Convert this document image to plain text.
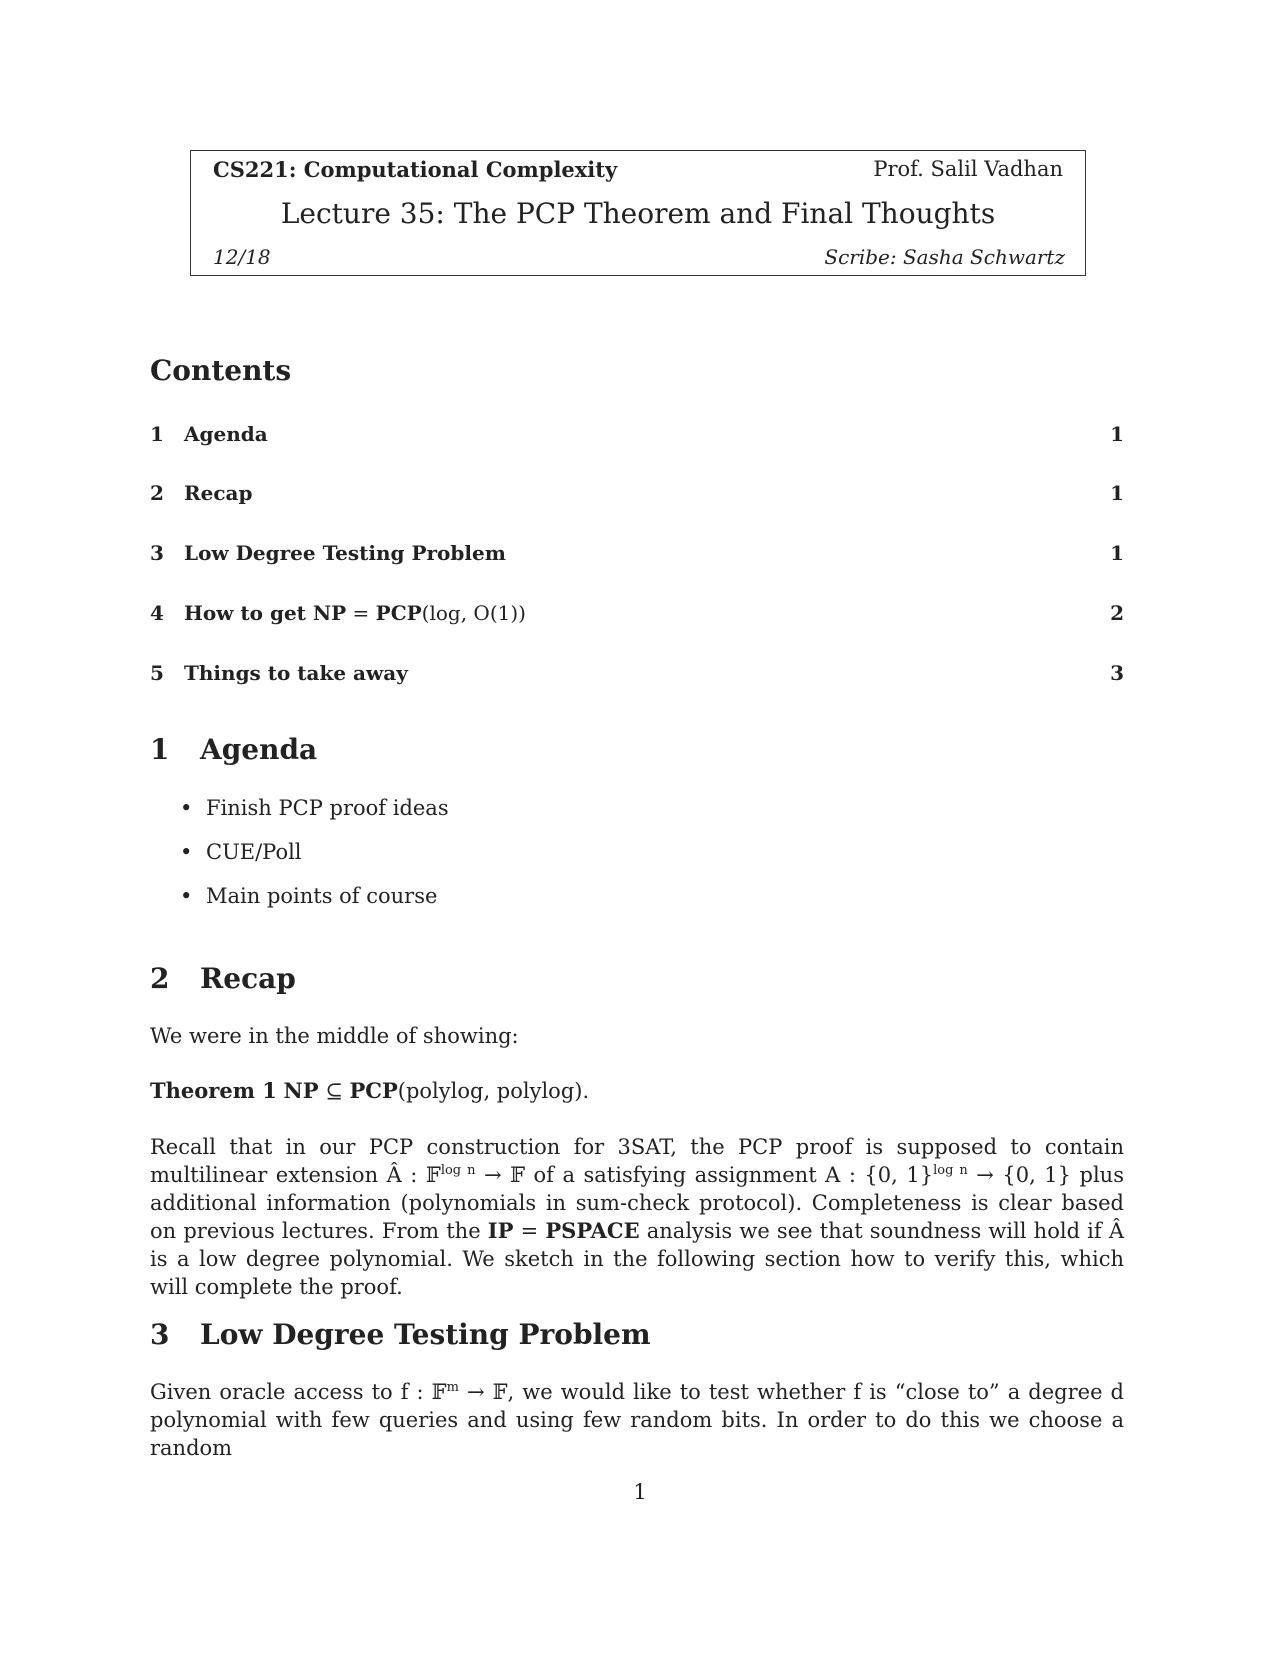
CS221: Computational Complexity	Prof. Salil Vadhan
Lecture 35: The PCP Theorem and Final Thoughts
12/18	Scribe: Sasha Schwartz
Contents
1 Agenda	1
2 Recap	1
3 Low Degree Testing Problem	1
4 How to get NP = PCP(log, O(1))	2
5 Things to take away	3
1 Agenda
• Finish PCP proof ideas
• CUE/Poll
• Main points of course
2 Recap

We were in the middle of showing:

Theorem 1 NP ⊆ PCP(polylog, polylog).

Recall that in our PCP construction for 3SAT, the PCP proof is supposed to contain multilinear extension Â : 𝔽$^{log n}$ → 𝔽 of a satisfying assignment A : {0, 1}$^{log n}$ → {0, 1} plus additional information (polynomials in sum-check protocol). Completeness is clear based on previous lectures. From the IP = PSPACE analysis we see that soundness will hold if Â is a low degree polynomial. We sketch in the following section how to verify this, which will complete the proof.

3 Low Degree Testing Problem

Given oracle access to f : 𝔽$^m$ → 𝔽, we would like to test whether f is “close to” a degree d polynomial with few queries and using few random bits. In order to do this we choose a random

1
